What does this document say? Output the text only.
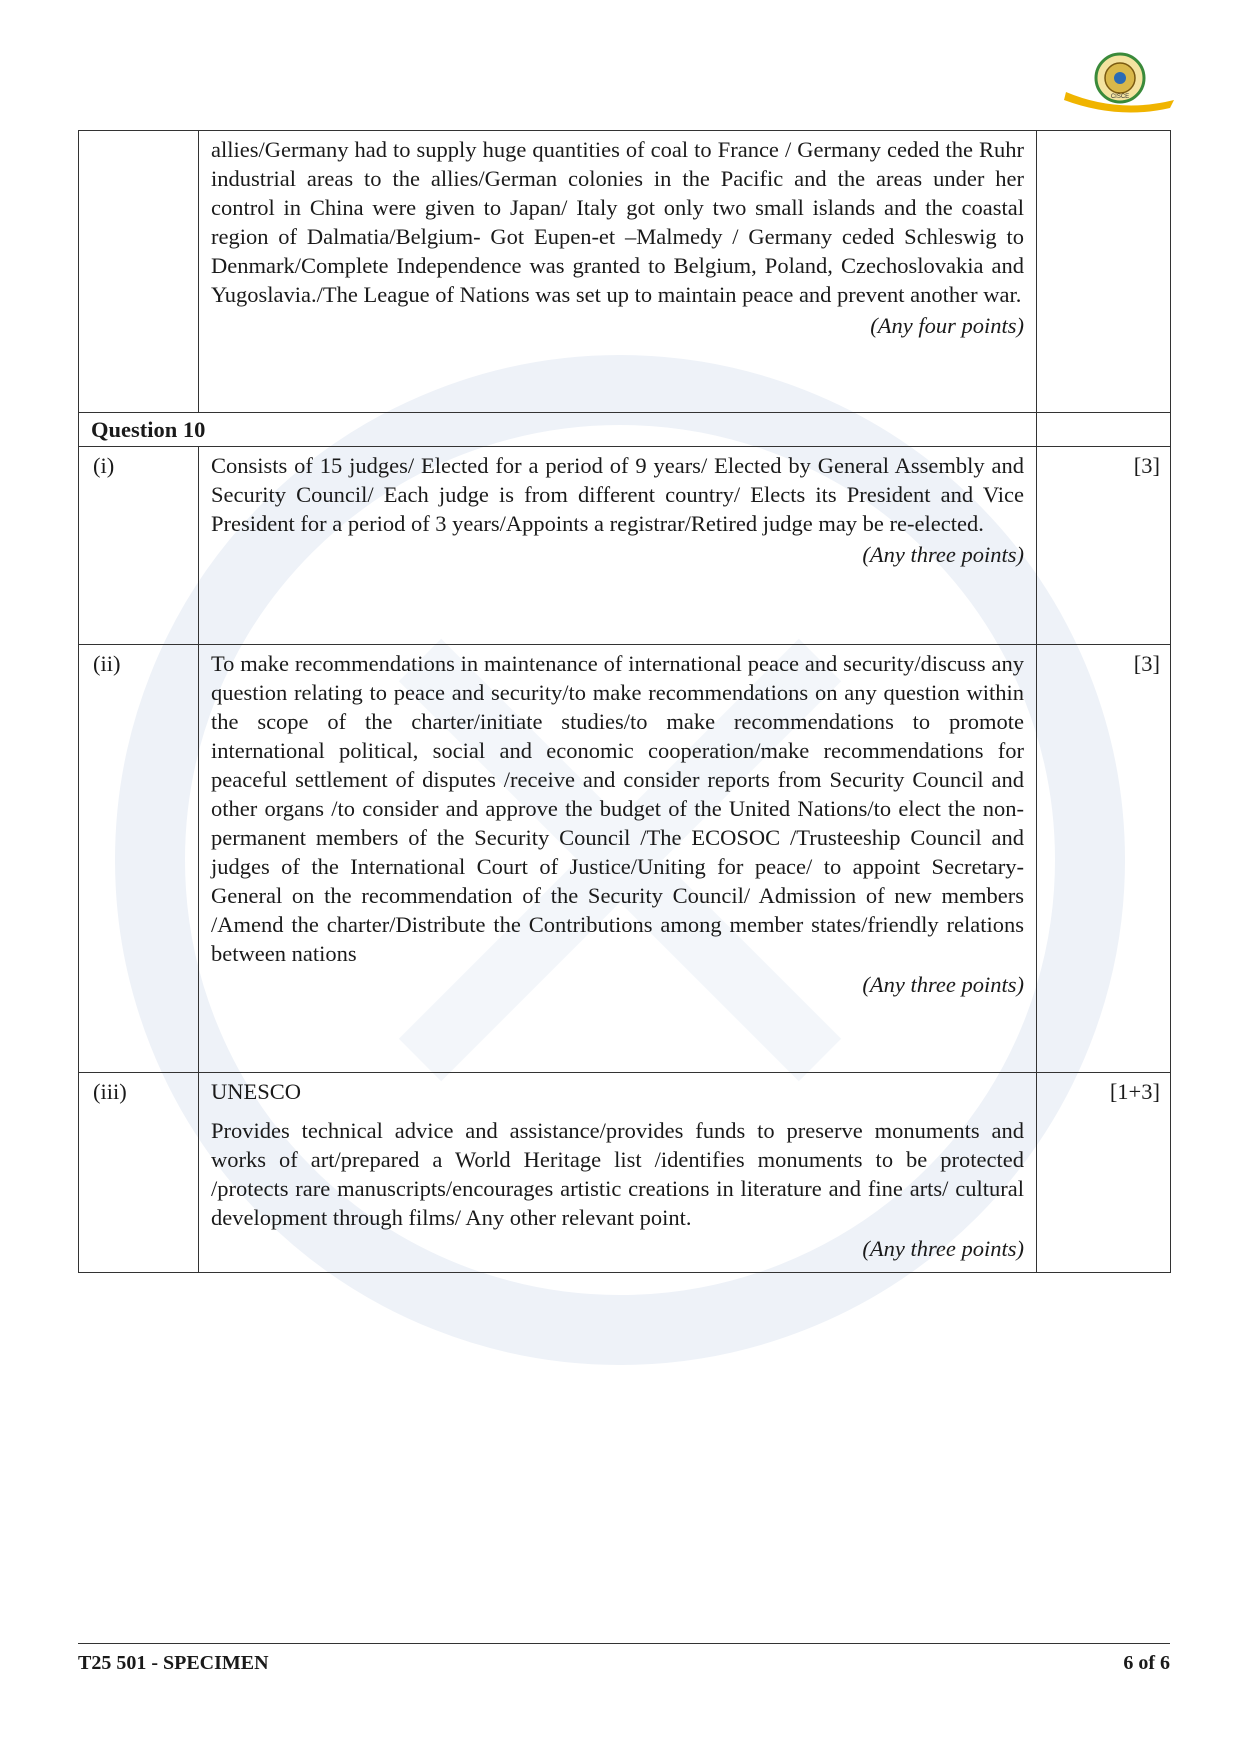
CISCE

	allies/Germany had to supply huge quantities of coal to France / Germany ceded the Ruhr industrial areas to the allies/German colonies in the Pacific and the areas under her control in China were given to Japan/ Italy got only two small islands and the coastal region of Dalmatia/Belgium- Got Eupen-et –Malmedy / Germany ceded Schleswig to Denmark/Complete Independence was granted to Belgium, Poland, Czechoslovakia and Yugoslavia./The League of Nations was set up to maintain peace and prevent another war.
(Any four points)	

Question 10		
(i)	Consists of 15 judges/ Elected for a period of 9 years/ Elected by General Assembly and Security Council/ Each judge is from different country/ Elects its President and Vice President for a period of 3 years/Appoints a registrar/Retired judge may be re-elected.
(Any three points)	[3]
(ii)	To make recommendations in maintenance of international peace and security/discuss any question relating to peace and security/to make recommendations on any question within the scope of the charter/initiate studies/to make recommendations to promote international political, social and economic cooperation/make recommendations for peaceful settlement of disputes /receive and consider reports from Security Council and other organs /to consider and approve the budget of the United Nations/to elect the non-permanent members of the Security Council /The ECOSOC /Trusteeship Council and judges of the International Court of Justice/Uniting for peace/ to appoint Secretary-General on the recommendation of the Security Council/ Admission of new members /Amend the charter/Distribute the Contributions among member states/friendly relations between nations
(Any three points)	[3]
(iii)	UNESCO
Provides technical advice and assistance/provides funds to preserve monuments and works of art/prepared a World Heritage list /identifies monuments to be protected /protects rare manuscripts/encourages artistic creations in literature and fine arts/ cultural development through films/ Any other relevant point.
(Any three points)	[1+3]
T25 501 - SPECIMEN	6 of 6
